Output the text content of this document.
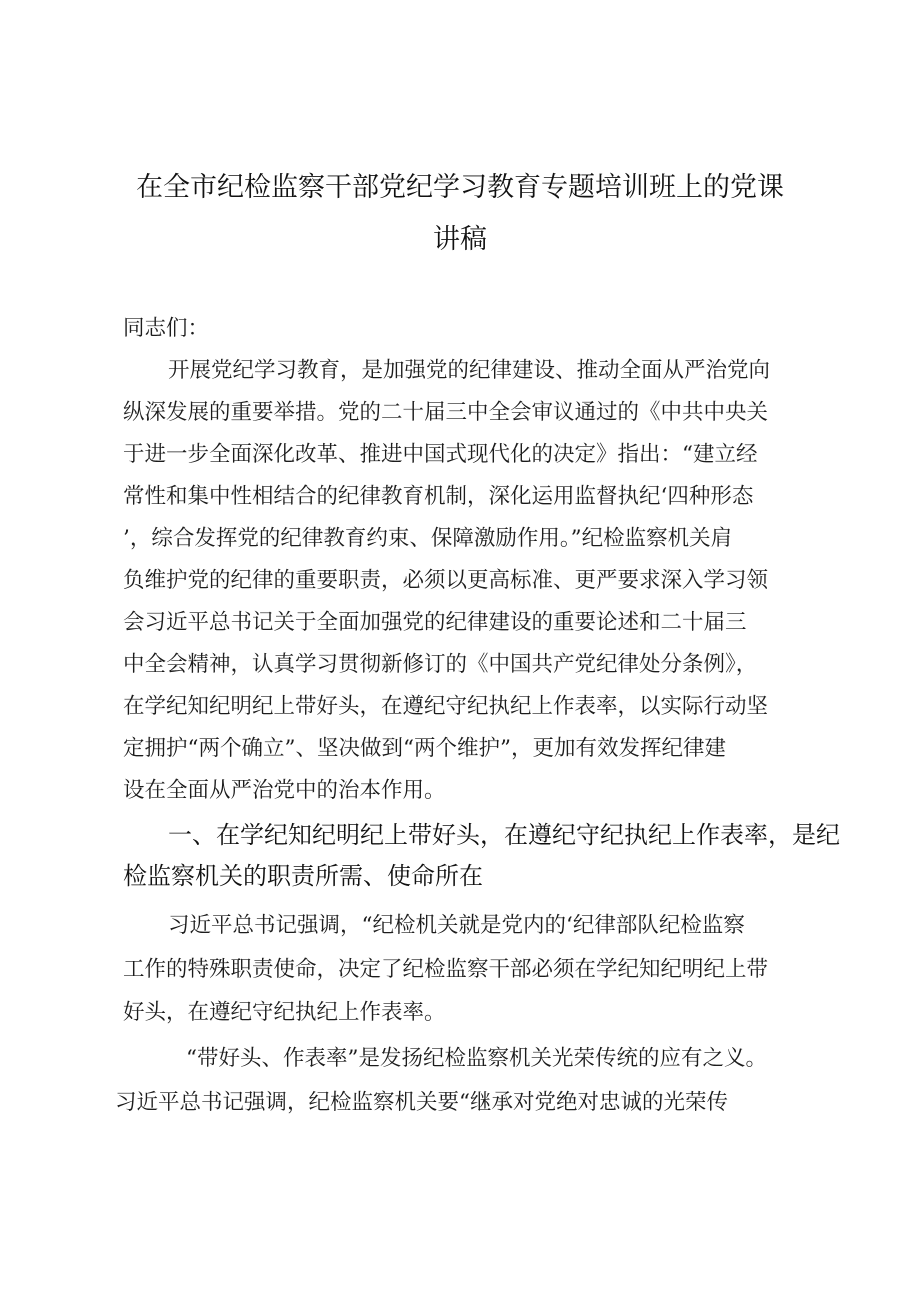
在全市纪检监察干部党纪学习教育专题培训班上的党课
讲稿
同志们：
开展党纪学习教育，是加强党的纪律建设、推动全面从严治党向
纵深发展的重要举措。党的二十届三中全会审议通过的《中共中央关
于进一步全面深化改革、推进中国式现代化的决定》指出：“建立经
常性和集中性相结合的纪律教育机制，深化运用监督执纪‘四种形态
’，综合发挥党的纪律教育约束、保障激励作用。”纪检监察机关肩
负维护党的纪律的重要职责，必须以更高标准、更严要求深入学习领
会习近平总书记关于全面加强党的纪律建设的重要论述和二十届三
中全会精神，认真学习贯彻新修订的《中国共产党纪律处分条例》，
在学纪知纪明纪上带好头，在遵纪守纪执纪上作表率，以实际行动坚
定拥护“两个确立”、坚决做到“两个维护”，更加有效发挥纪律建
设在全面从严治党中的治本作用。
一、在学纪知纪明纪上带好头，在遵纪守纪执纪上作表率，是纪
检监察机关的职责所需、使命所在
习近平总书记强调，“纪检机关就是党内的‘纪律部队纪检监察
工作的特殊职责使命，决定了纪检监察干部必须在学纪知纪明纪上带
好头，在遵纪守纪执纪上作表率。
“带好头、作表率”是发扬纪检监察机关光荣传统的应有之义。
习近平总书记强调，纪检监察机关要“继承对党绝对忠诚的光荣传
